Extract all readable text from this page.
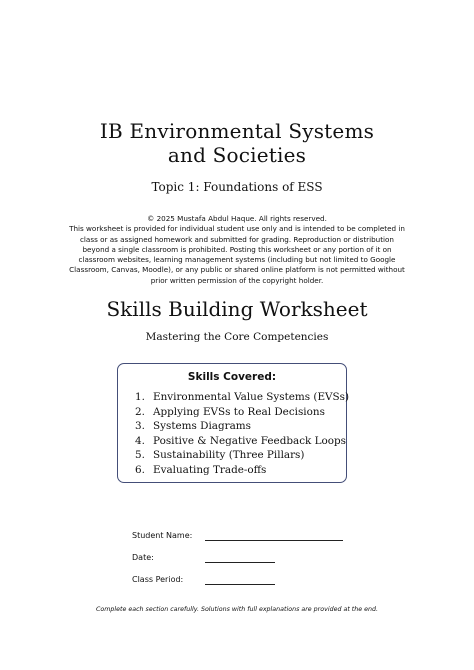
IB Environmental Systems
and Societies
Topic 1: Foundations of ESS
© 2025 Mustafa Abdul Haque. All rights reserved.
This worksheet is provided for individual student use only and is intended to be completed in
class or as assigned homework and submitted for grading. Reproduction or distribution
beyond a single classroom is prohibited. Posting this worksheet or any portion of it on
classroom websites, learning management systems (including but not limited to Google
Classroom, Canvas, Moodle), or any public or shared online platform is not permitted without
prior written permission of the copyright holder.
Skills Building Worksheet
Mastering the Core Competencies
Skills Covered:
1. Environmental Value Systems (EVSs)
2. Applying EVSs to Real Decisions
3. Systems Diagrams
4. Positive & Negative Feedback Loops
5. Sustainability (Three Pillars)
6. Evaluating Trade-offs
Student Name:
Date:
Class Period:
Complete each section carefully. Solutions with full explanations are provided at the end.
